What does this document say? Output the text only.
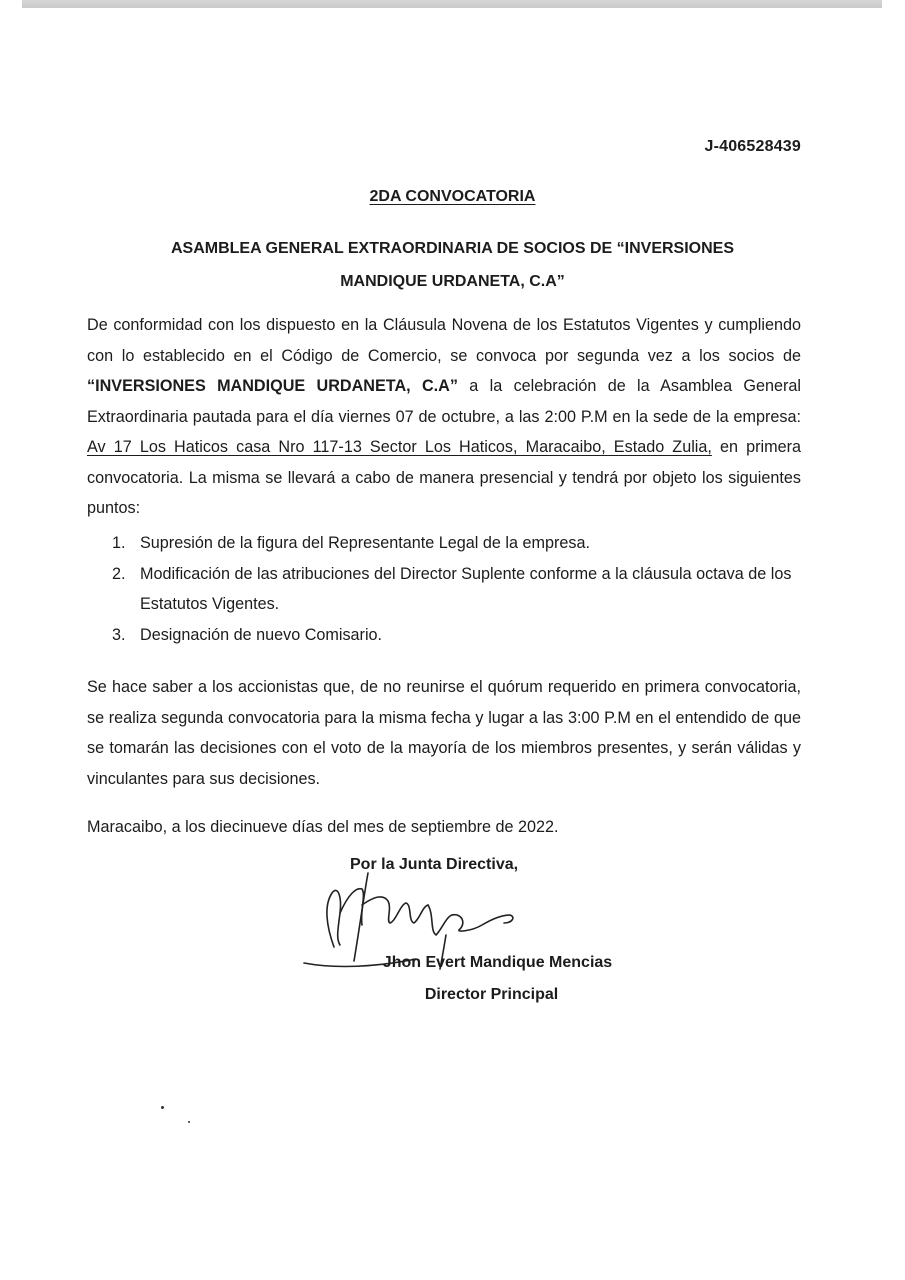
J-406528439
2DA CONVOCATORIA
ASAMBLEA GENERAL EXTRAORDINARIA DE SOCIOS DE “INVERSIONES
MANDIQUE URDANETA, C.A”
De conformidad con los dispuesto en la Cláusula Novena de los Estatutos Vigentes y cumpliendo con lo establecido en el Código de Comercio, se convoca por segunda vez a los socios de “INVERSIONES MANDIQUE URDANETA, C.A” a la celebración de la Asamblea General Extraordinaria pautada para el día viernes 07 de octubre, a las 2:00 P.M en la sede de la empresa: Av 17 Los Haticos casa Nro 117-13 Sector Los Haticos, Maracaibo, Estado Zulia, en primera convocatoria. La misma se llevará a cabo de manera presencial y tendrá por objeto los siguientes puntos:
1. Supresión de la figura del Representante Legal de la empresa.
2. Modificación de las atribuciones del Director Suplente conforme a la cláusula octava de los Estatutos Vigentes.
3. Designación de nuevo Comisario.
Se hace saber a los accionistas que, de no reunirse el quórum requerido en primera convocatoria, se realiza segunda convocatoria para la misma fecha y lugar a las 3:00 P.M en el entendido de que se tomarán las decisiones con el voto de la mayoría de los miembros presentes, y serán válidas y vinculantes para sus decisiones.
Maracaibo, a los diecinueve días del mes de septiembre de 2022.
Por la Junta Directiva,
Jhon Evert Mandique Mencias
Director Principal
